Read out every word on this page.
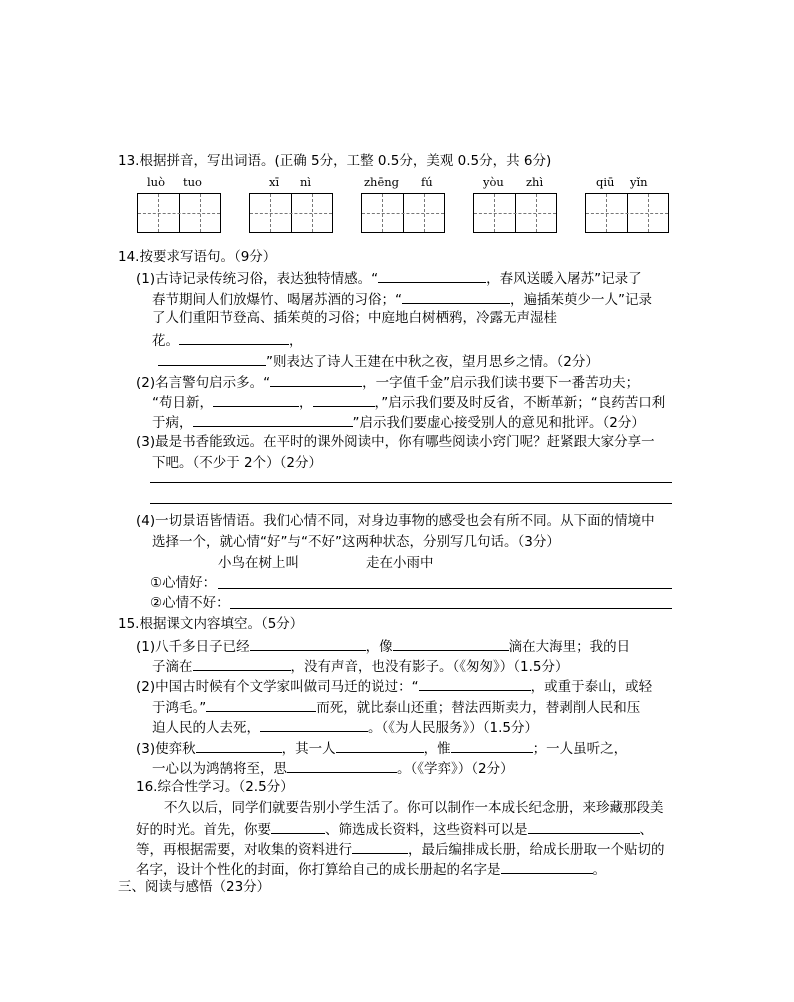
13.根据拼音，写出词语。(正确 5分，工整 0.5分，美观 0.5分，共 6分)
luò tuo	xī nì	zhēng fú	yòu zhì	qiū yǐn
14.按要求写语句。（9分）
(1)古诗记录传统习俗，表达独特情感。“	，春风送暖入屠苏”记录了
春节期间人们放爆竹、喝屠苏酒的习俗；“	，遍插茱萸少一人”记录
了人们重阳节登高、插茱萸的习俗；中庭地白树栖鸦，冷露无声湿桂
花。	，
”则表达了诗人王建在中秋之夜，望月思乡之情。（2分）
(2)名言警句启示多。“	，一字值千金”启示我们读书要下一番苦功夫；
“苟日新，	，	，”启示我们要及时反省，不断革新；“良药苦口利
于病，	”启示我们要虚心接受别人的意见和批评。（2分）
(3)最是书香能致远。在平时的课外阅读中，你有哪些阅读小窍门呢？赶紧跟大家分享一
下吧。（不少于 2个）（2分）
(4)一切景语皆情语。我们心情不同，对身边事物的感受也会有所不同。从下面的情境中
选择一个，就心情“好”与“不好”这两种状态，分别写几句话。（3分）
小鸟在树上叫	走在小雨中
①心情好：
②心情不好：
15.根据课文内容填空。（5分）
(1)八千多日子已经	，像	滴在大海里；我的日
子滴在	，没有声音，也没有影子。（《匆匆》）（1.5分）
(2)中国古时候有个文学家叫做司马迁的说过：“	，或重于泰山，或轻
于鸿毛。”	而死，就比泰山还重；替法西斯卖力，替剥削人民和压
迫人民的人去死，	。（《为人民服务》）（1.5分）
(3)使弈秋	，其一人	，惟	；一人虽听之，
一心以为鸿鹄将至，思	。（《学弈》）（2分）
16.综合性学习。（2.5分）
不久以后，同学们就要告别小学生活了。你可以制作一本成长纪念册，来珍藏那段美
好的时光。首先，你要	、筛选成长资料，这些资料可以是	、
等，再根据需要，对收集的资料进行	，最后编排成长册，给成长册取一个贴切的
名字，设计个性化的封面，你打算给自己的成长册起的名字是	。
三、阅读与感悟（23分）
